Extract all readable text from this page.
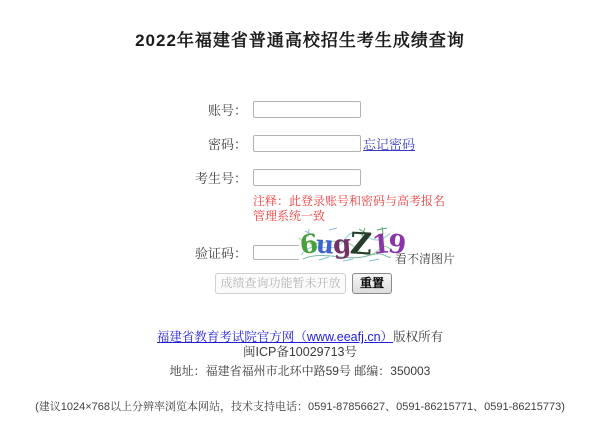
2022年福建省普通高校招生考生成绩查询
账号：
密码：	忘记密码
考生号：
注释：此登录账号和密码与高考报名管理系统一致
验证码： 6
u
g
Z
1
9
看不清图片
成绩查询功能暂未开放	重置
福建省教育考试院官方网（www.eeafj.cn）版权所有
闽ICP备10029713号
地址：福建省福州市北环中路59号 邮编：350003
(建议1024×768以上分辨率浏览本网站，技术支持电话：0591-87856627、0591-86215771、0591-86215773)
